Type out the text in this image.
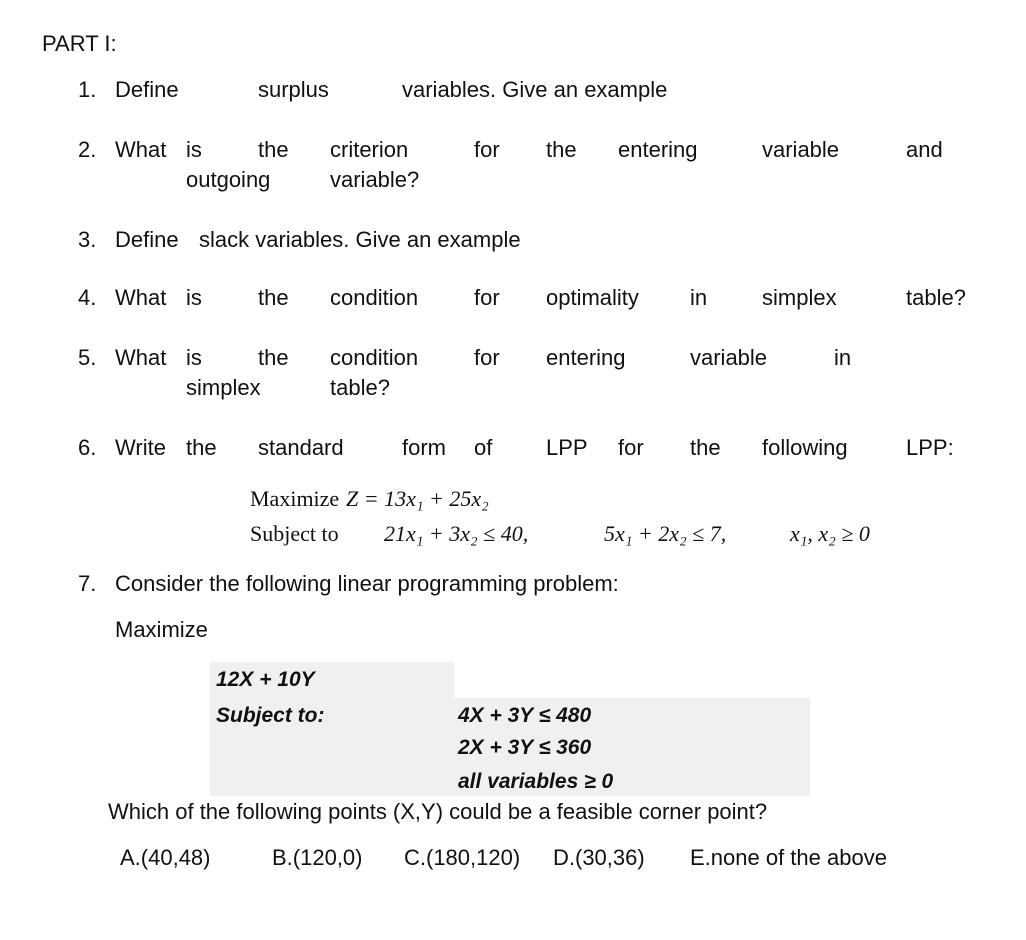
PART I:
1. Define	surplus	variables. Give an example
2. What is	the criterion	for the entering	variable	and
outgoing	variable?
3. Define slack variables. Give an example
4. What is	the condition	for optimality in simplex	table?
5. What is	the condition	for entering	variable	in
simplex	table?
6. Write the standard	form of LPP for the following	LPP:
Maximize Z = 13x₁ + 25x₂
Subject to 21x₁ + 3x₂ ≤ 40,	5x₁ + 2x₂ ≤ 7,	x₁, x₂ ≥ 0
7. Consider the following linear programming problem:
Maximize
12X + 10Y
Subject to:	4X + 3Y ≤ 480
2X + 3Y ≤ 360
all variables ≥ 0
Which of the following points (X,Y) could be a feasible corner point?
A.(40,48)	B.(120,0) C.(180,120) D.(30,36) E.none of the above
